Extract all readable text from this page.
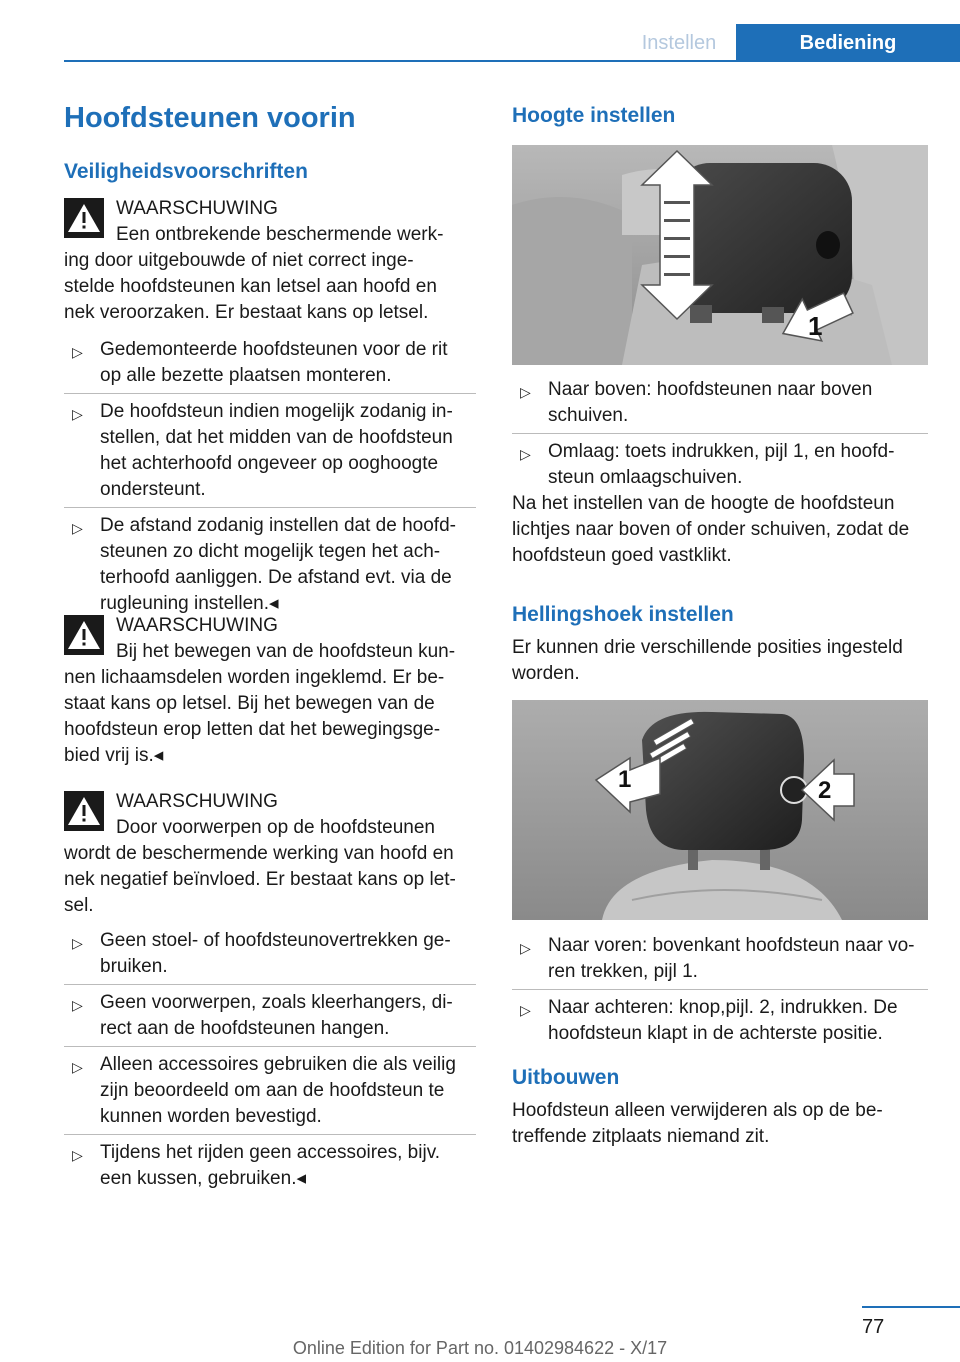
Instellen	Bediening
Hoofdsteunen voorin
Veiligheidsvoorschriften
WAARSCHUWING
Een ontbrekende beschermende werk-
ing door uitgebouwde of niet correct inge-
stelde hoofdsteunen kan letsel aan hoofd en
nek veroorzaken. Er bestaat kans op letsel.
▷ Gedemonteerde hoofdsteunen voor de rit
op alle bezette plaatsen monteren.
▷ De hoofdsteun indien mogelijk zodanig in-
stellen, dat het midden van de hoofdsteun
het achterhoofd ongeveer op ooghoogte
ondersteunt.
▷ De afstand zodanig instellen dat de hoofd-
steunen zo dicht mogelijk tegen het ach-
terhoofd aanliggen. De afstand evt. via de
rugleuning instellen.◂
WAARSCHUWING
Bij het bewegen van de hoofdsteun kun-
nen lichaamsdelen worden ingeklemd. Er be-
staat kans op letsel. Bij het bewegen van de
hoofdsteun erop letten dat het bewegingsge-
bied vrij is.◂
WAARSCHUWING
Door voorwerpen op de hoofdsteunen
wordt de beschermende werking van hoofd en
nek negatief beïnvloed. Er bestaat kans op let-
sel.
▷ Geen stoel- of hoofdsteunovertrekken ge-
bruiken.
▷ Geen voorwerpen, zoals kleerhangers, di-
rect aan de hoofdsteunen hangen.
▷ Alleen accessoires gebruiken die als veilig
zijn beoordeeld om aan de hoofdsteun te
kunnen worden bevestigd.
▷ Tijdens het rijden geen accessoires, bijv.
een kussen, gebruiken.◂
Hoogte instellen
1
▷ Naar boven: hoofdsteunen naar boven
schuiven.
▷ Omlaag: toets indrukken, pijl 1, en hoofd-
steun omlaagschuiven.
Na het instellen van de hoogte de hoofdsteun
lichtjes naar boven of onder schuiven, zodat de
hoofdsteun goed vastklikt.
Hellingshoek instellen
Er kunnen drie verschillende posities ingesteld
worden.
1	2
▷ Naar voren: bovenkant hoofdsteun naar vo-
ren trekken, pijl 1.
▷ Naar achteren: knop,pijl. 2, indrukken. De
hoofdsteun klapt in de achterste positie.
Uitbouwen
Hoofdsteun alleen verwijderen als op de be-
treffende zitplaats niemand zit.
77
Online Edition for Part no. 01402984622 - X/17
